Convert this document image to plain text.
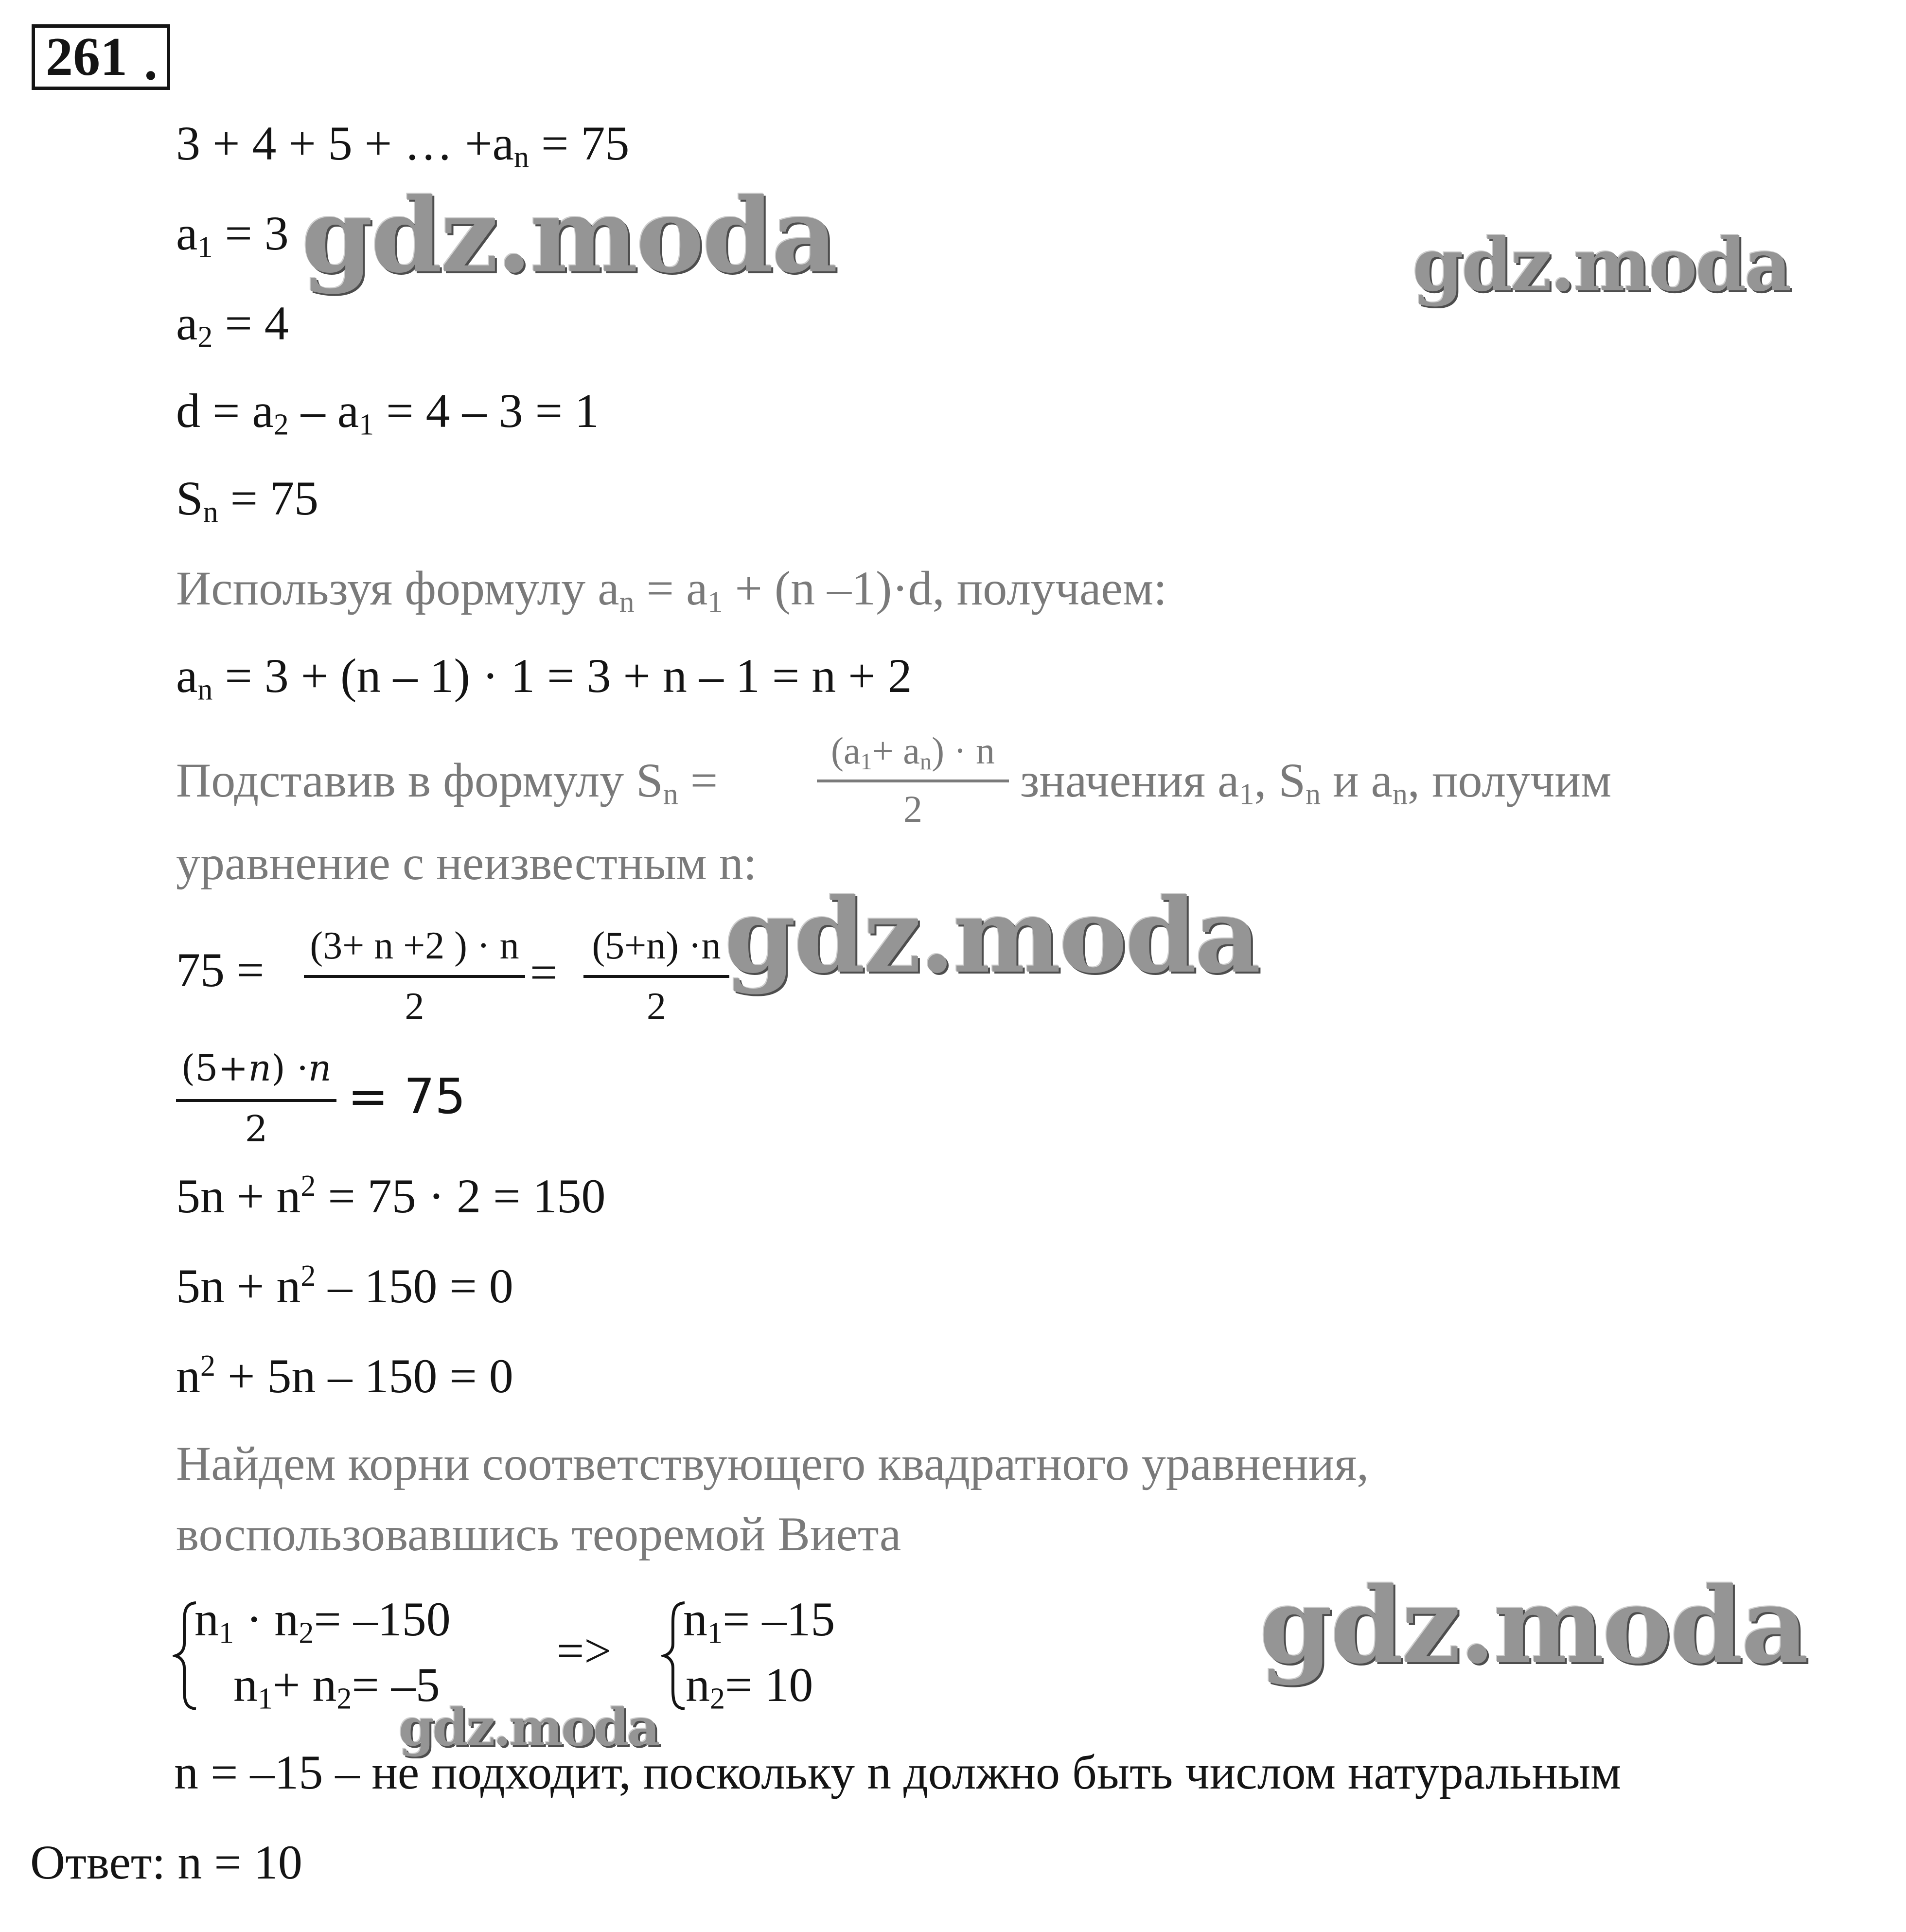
261 .
3 + 4 + 5 + … $+a_n = 75$
$a_1 = 3$
$a_2 = 4$
$d = a_2 - a_1 = 4 - 3 = 1$
$S_n = 75$
Используя формулу $a_n = a_1 + (n$ –1)·d, получаем:
$a_n = 3 + (n - 1) \cdot 1 = 3 + n - 1 = n + 2$
Подставив в формулу $S_n$ =
$(a_1+ a_n) \cdot n$
2
значения $a_1$, $S_n$ и $a_n$, получим
уравнение с неизвестным n:
75 = (3+ n +2 ) · n
2
= (5+n) ·n
2
(5+𝑛) ·𝑛
2
= 75
$5n + n^2 = 75 \cdot 2 = 150$
$5n + n^2 - 150 = 0$
$n^2 + 5n - 150 = 0$
Найдем корни соответствующего квадратного уравнения,
воспользовавшись теоремой Виета
$n_1 \cdot n_2= -150$
$n_1+ n_2= -5$
=>
$n_1= -15$
$n_2= 10$
n = –15 – не подходит, поскольку n должно быть числом натуральным
Ответ: n = 10
gdz.moda	gdz.moda
gdz.moda
gdz.moda
gdz.moda
